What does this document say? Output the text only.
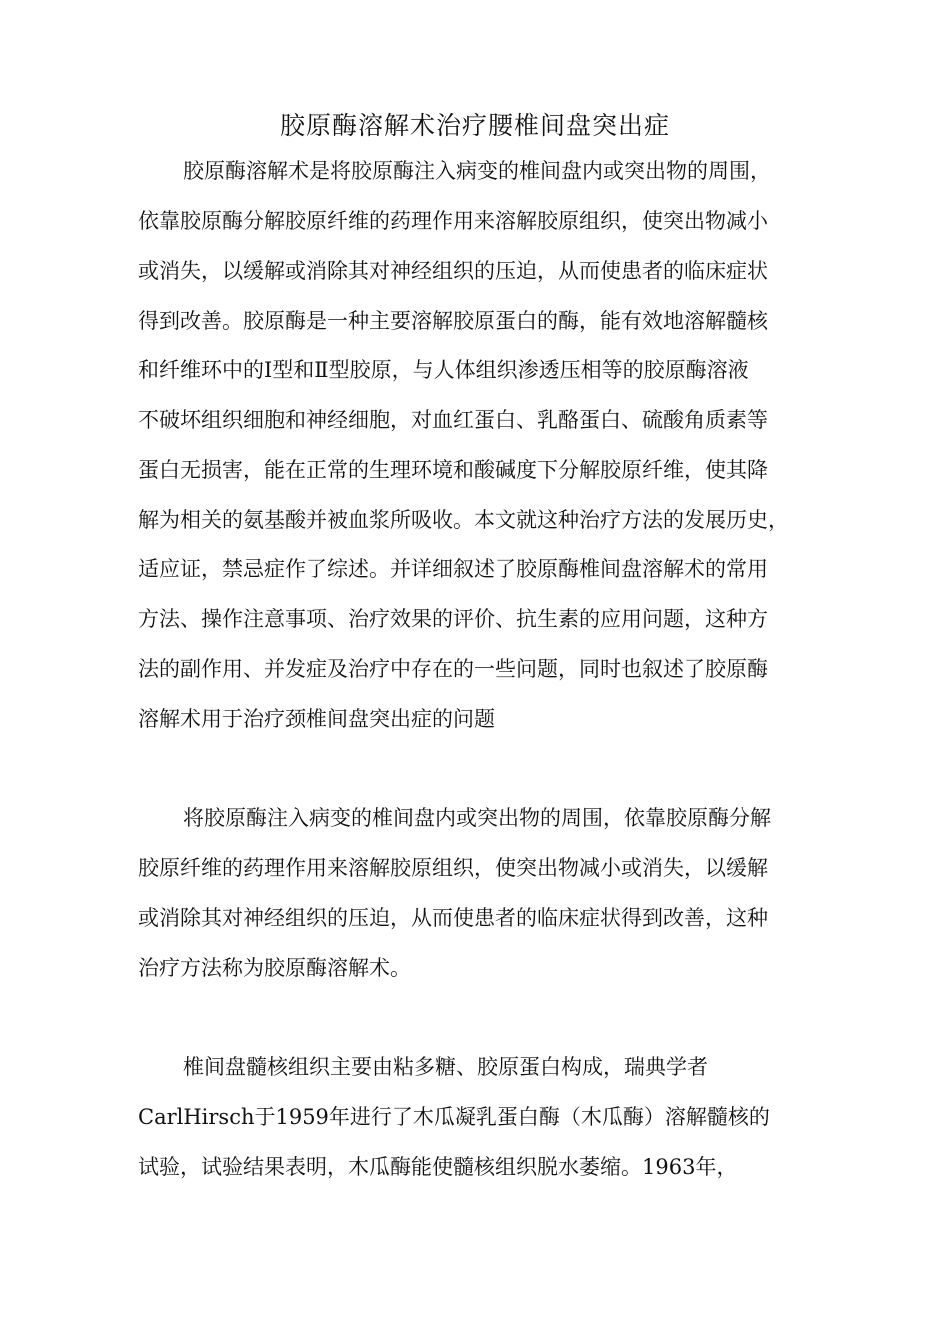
胶原酶溶解术治疗腰椎间盘突出症
胶原酶溶解术是将胶原酶注入病变的椎间盘内或突出物的周围，
依靠胶原酶分解胶原纤维的药理作用来溶解胶原组织，使突出物减小
或消失，以缓解或消除其对神经组织的压迫，从而使患者的临床症状
得到改善。胶原酶是一种主要溶解胶原蛋白的酶，能有效地溶解髓核
和纤维环中的Ⅰ型和Ⅱ型胶原，与人体组织渗透压相等的胶原酶溶液
不破坏组织细胞和神经细胞，对血红蛋白、乳酪蛋白、硫酸角质素等
蛋白无损害，能在正常的生理环境和酸碱度下分解胶原纤维，使其降
解为相关的氨基酸并被血浆所吸收。本文就这种治疗方法的发展历史，
适应证，禁忌症作了综述。并详细叙述了胶原酶椎间盘溶解术的常用
方法、操作注意事项、治疗效果的评价、抗生素的应用问题，这种方
法的副作用、并发症及治疗中存在的一些问题，同时也叙述了胶原酶
溶解术用于治疗颈椎间盘突出症的问题
将胶原酶注入病变的椎间盘内或突出物的周围，依靠胶原酶分解
胶原纤维的药理作用来溶解胶原组织，使突出物减小或消失，以缓解
或消除其对神经组织的压迫，从而使患者的临床症状得到改善，这种
治疗方法称为胶原酶溶解术。
椎间盘髓核组织主要由粘多糖、胶原蛋白构成，瑞典学者
CarlHirsch于1959年进行了木瓜凝乳蛋白酶（木瓜酶）溶解髓核的
试验，试验结果表明，木瓜酶能使髓核组织脱水萎缩。1963年，
